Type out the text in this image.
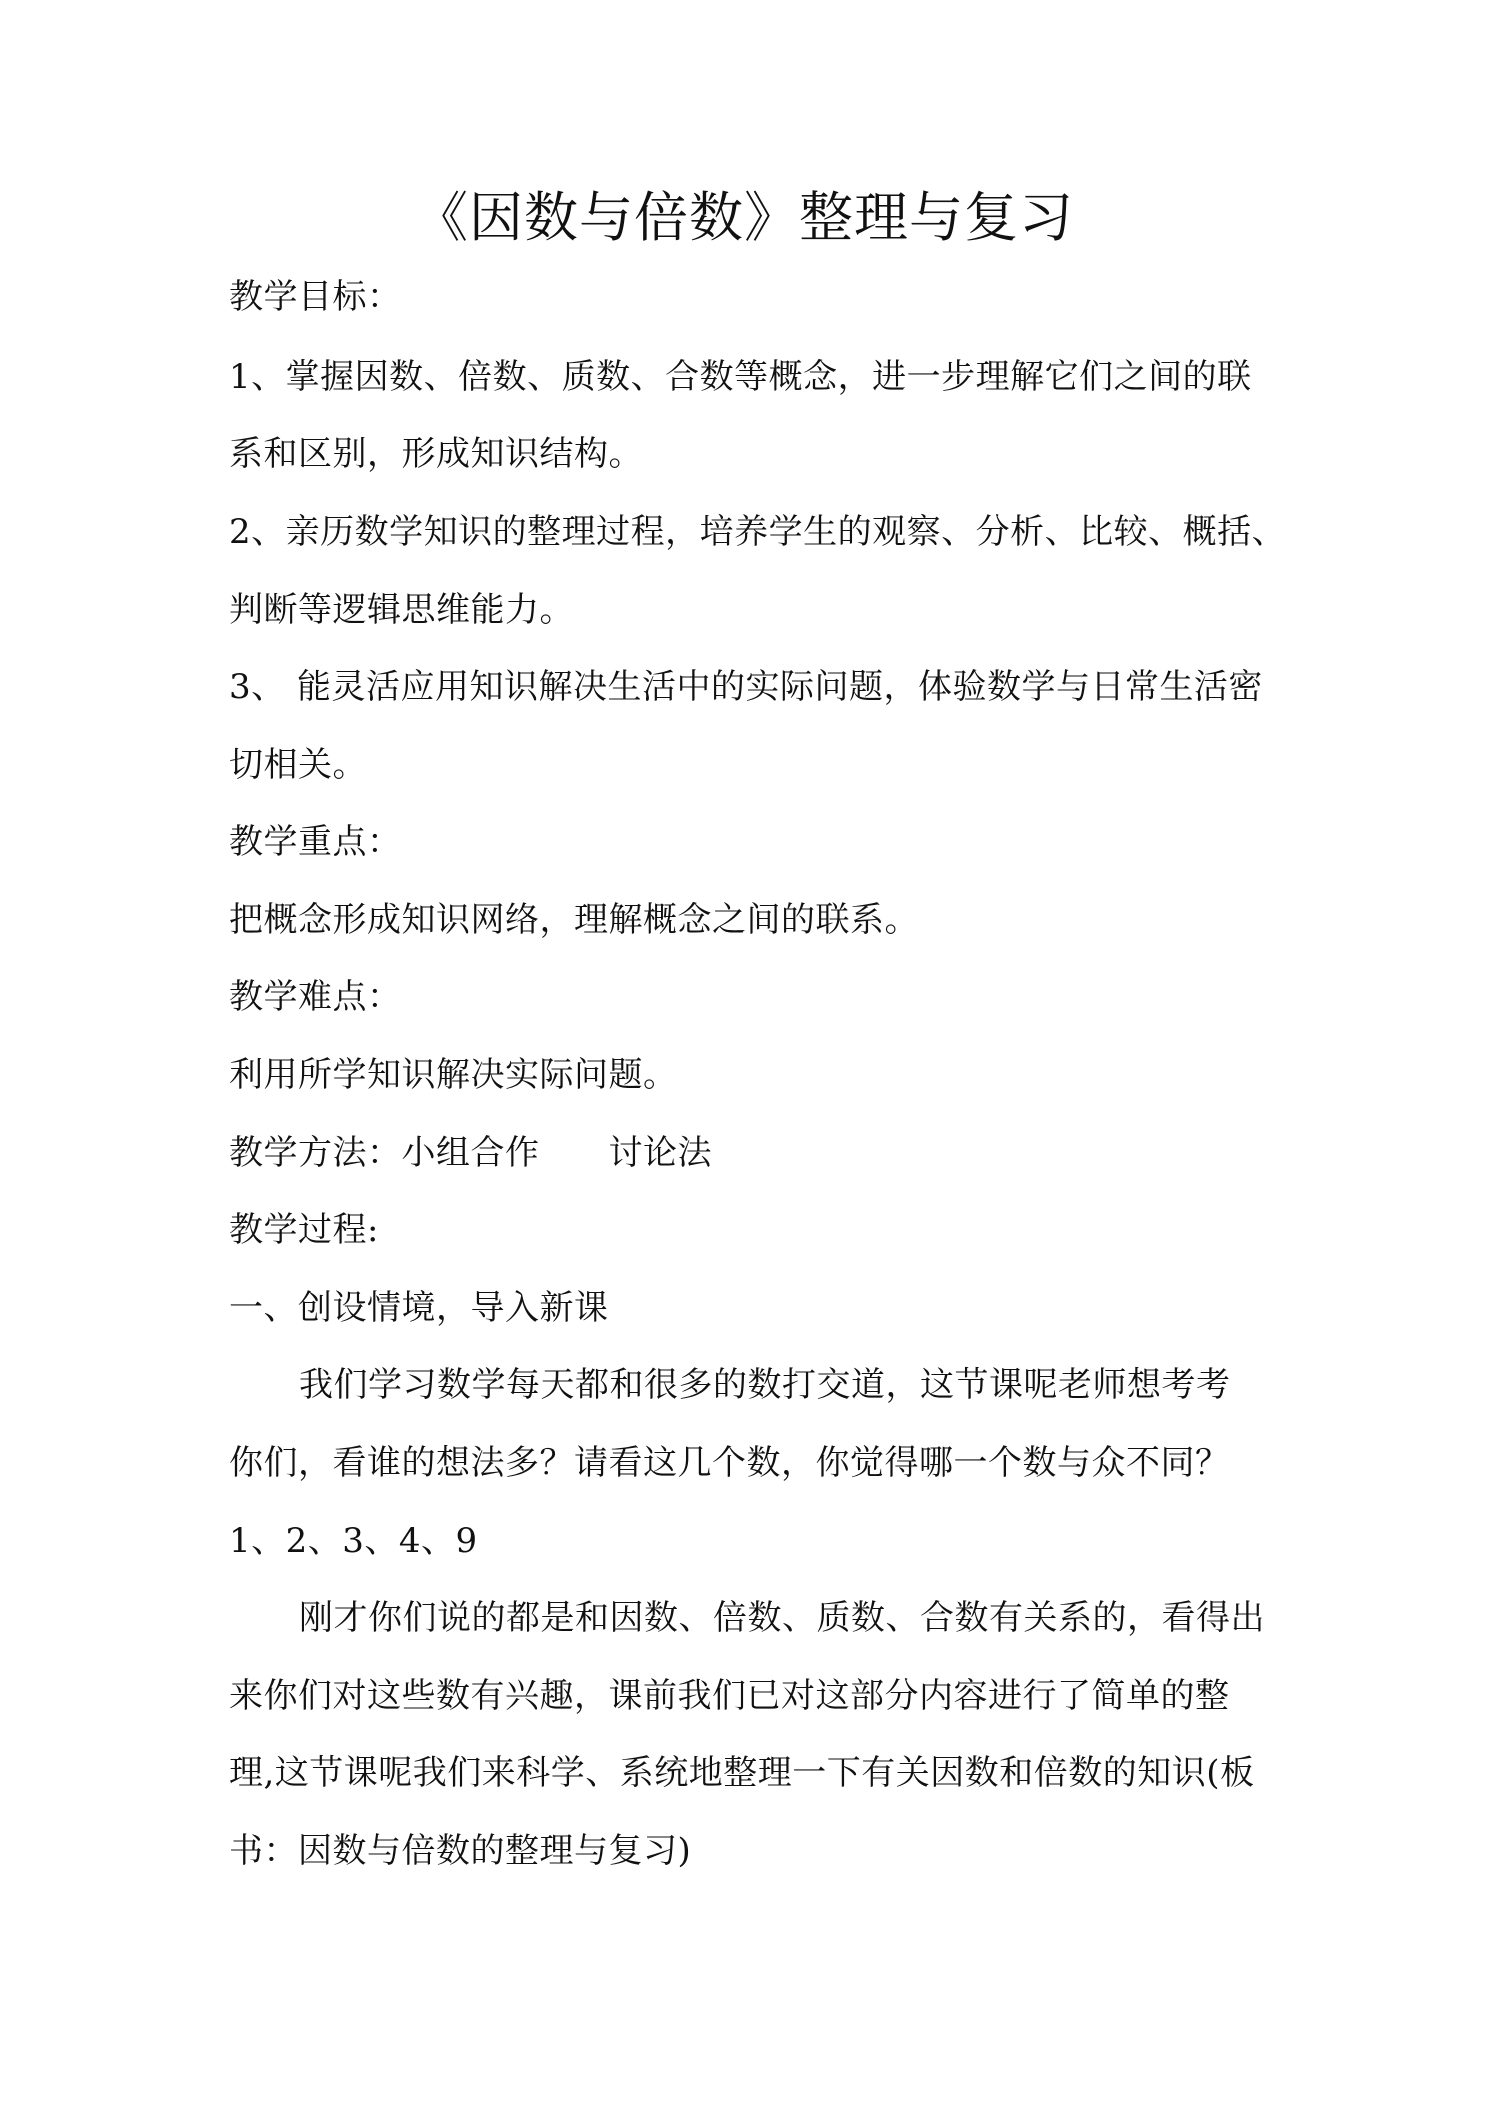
《因数与倍数》整理与复习
教学目标：
1、掌握因数、倍数、质数、合数等概念，进一步理解它们之间的联
系和区别，形成知识结构。
2、亲历数学知识的整理过程，培养学生的观察、分析、比较、概括、
判断等逻辑思维能力。
3、 能灵活应用知识解决生活中的实际问题，体验数学与日常生活密
切相关。
教学重点：
把概念形成知识网络，理解概念之间的联系。
教学难点：
利用所学知识解决实际问题。
教学方法：小组合作　　讨论法
教学过程:
一、创设情境，导入新课
我们学习数学每天都和很多的数打交道，这节课呢老师想考考
你们，看谁的想法多？请看这几个数，你觉得哪一个数与众不同？
1、2、3、4、9
刚才你们说的都是和因数、倍数、质数、合数有关系的，看得出
来你们对这些数有兴趣，课前我们已对这部分内容进行了简单的整
理,这节课呢我们来科学、系统地整理一下有关因数和倍数的知识(板
书：因数与倍数的整理与复习)
